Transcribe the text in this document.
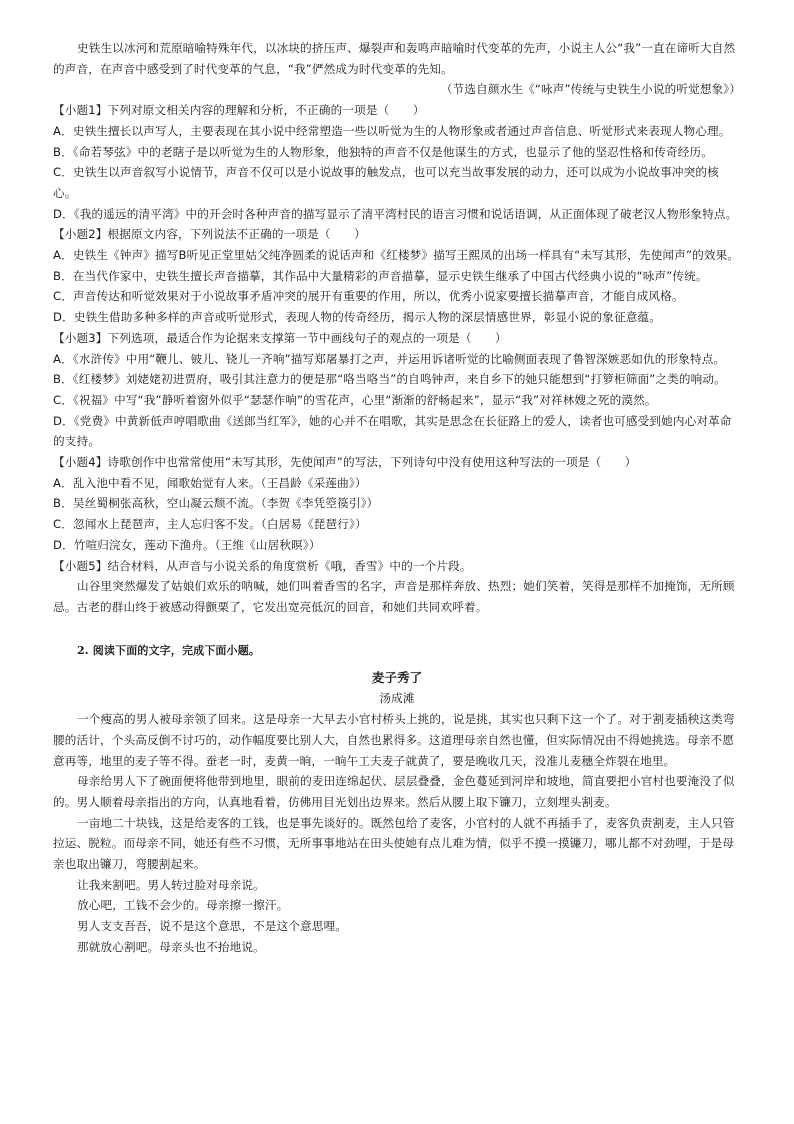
史铁生以冰河和荒原暗喻特殊年代，以冰块的挤压声、爆裂声和轰鸣声暗喻时代变革的先声，小说主人公“我”一直在谛听大自然的声音，在声音中感受到了时代变革的气息，“我”俨然成为时代变革的先知。

（节选自颜水生《“咏声”传统与史铁生小说的听觉想象》）

【小题1】下列对原文相关内容的理解和分析，不正确的一项是（　　）

A．史铁生擅长以声写人，主要表现在其小说中经常塑造一些以听觉为生的人物形象或者通过声音信息、听觉形式来表现人物心理。

B．《命若琴弦》中的老瞎子是以听觉为生的人物形象，他独特的声音不仅是他谋生的方式，也显示了他的坚忍性格和传奇经历。

C．史铁生以声音叙写小说情节，声音不仅可以是小说故事的触发点，也可以充当故事发展的动力，还可以成为小说故事冲突的核心。

D．《我的遥远的清平湾》中的开会时各种声音的描写显示了清平湾村民的语言习惯和说话语调，从正面体现了破老汉人物形象特点。

【小题2】根据原文内容，下列说法不正确的一项是（　　）

A．史铁生《钟声》描写B听见正堂里姑父纯净圆柔的说话声和《红楼梦》描写王熙凤的出场一样具有“未写其形，先使闻声”的效果。

B．在当代作家中，史铁生擅长声音描摹，其作品中大量精彩的声音描摹，显示史铁生继承了中国古代经典小说的“咏声”传统。

C．声音传达和听觉效果对于小说故事矛盾冲突的展开有重要的作用，所以，优秀小说家要擅长描摹声音，才能自成风格。

D．史铁生借助多种多样的声音或听觉形式，表现人物的传奇经历，揭示人物的深层情感世界，彰显小说的象征意蕴。

【小题3】下列选项，最适合作为论据来支撑第一节中画线句子的观点的一项是（　　）

A．《水浒传》中用“鞭儿、铍儿、铙儿一齐响”描写郑屠暴打之声，并运用诉诸听觉的比喻侧面表现了鲁智深嫉恶如仇的形象特点。

B．《红楼梦》刘姥姥初进贾府，吸引其注意力的便是那“咯当咯当”的自鸣钟声，来自乡下的她只能想到“打箩柜筛面”之类的响动。

C．《祝福》中写“我”静听着窗外似乎“瑟瑟作响”的雪花声，心里“渐渐的舒畅起来”，显示“我”对祥林嫂之死的漠然。

D．《党费》中黄新低声哼唱歌曲《送郎当红军》，她的心并不在唱歌，其实是思念在长征路上的爱人，读者也可感受到她内心对革命的支持。

【小题4】诗歌创作中也常常使用“未写其形，先使闻声”的写法，下列诗句中没有使用这种写法的一项是（　　）

A．乱入池中看不见，闻歌始觉有人来。（王昌龄《采莲曲》）

B．吴丝蜀桐张高秋，空山凝云颓不流。（李贺《李凭箜篌引》）

C．忽闻水上琵琶声，主人忘归客不发。（白居易《琵琶行》）

D．竹喧归浣女，莲动下渔舟。（王维《山居秋暝》）

【小题5】结合材料，从声音与小说关系的角度赏析《哦，香雪》中的一个片段。

山谷里突然爆发了姑娘们欢乐的呐喊，她们叫着香雪的名字，声音是那样奔放、热烈；她们笑着，笑得是那样不加掩饰，无所顾忌。古老的群山终于被感动得颤栗了，它发出宽亮低沉的回音，和她们共同欢呼着。

2. 阅读下面的文字，完成下面小题。

麦子秀了

汤成滩

一个瘦高的男人被母亲领了回来。这是母亲一大早去小官村桥头上挑的，说是挑，其实也只剩下这一个了。对于割麦插秧这类弯腰的活计，个头高反倒不讨巧的，动作幅度要比别人大，自然也累得多。这道理母亲自然也懂，但实际情况由不得她挑选。母亲不愿意再等，地里的麦子等不得。蚕老一时，麦黄一晌，一晌午工夫麦子就黄了，要是晚收几天，没准儿麦穗全炸裂在地里。

母亲给男人下了碗面便将他带到地里，眼前的麦田连绵起伏、层层叠叠，金色蔓延到河岸和坡地，简直要把小官村也要淹没了似的。男人顺着母亲指出的方向，认真地看着，仿佛用目光划出边界来。然后从腰上取下镰刀，立刻埋头割麦。

一亩地二十块钱，这是给麦客的工钱，也是事先谈好的。既然包给了麦客，小官村的人就不再插手了，麦客负责割麦，主人只管拉运、脱粒。而母亲不同，她还有些不习惯，无所事事地站在田头使她有点儿难为情，似乎不摸一摸镰刀，哪儿都不对劲哩，于是母亲也取出镰刀，弯腰割起来。

让我来割吧。男人转过脸对母亲说。

放心吧，工钱不会少的。母亲擦一擦汗。

男人支支吾吾，说不是这个意思，不是这个意思哩。

那就放心割吧。母亲头也不抬地说。
